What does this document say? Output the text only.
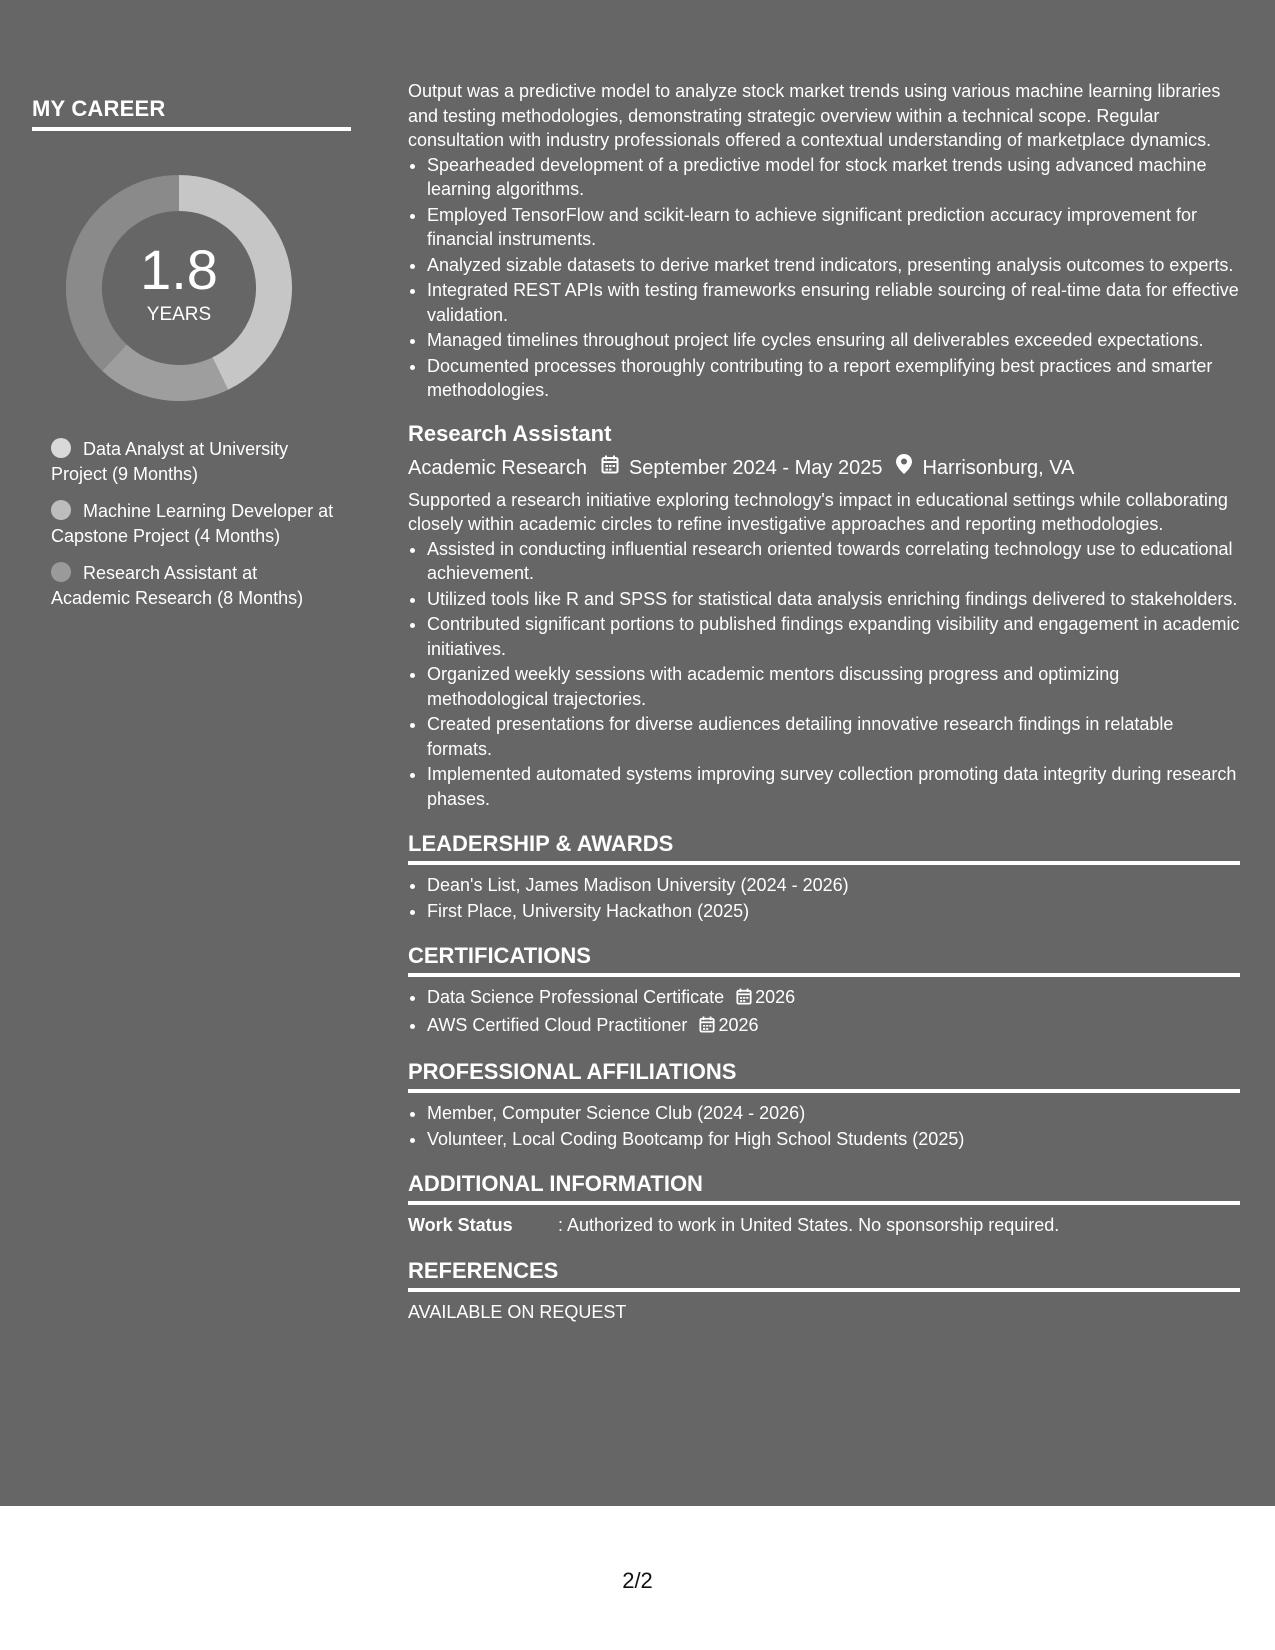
MY CAREER
1.8
YEARS
Data Analyst at University Project (9 Months)
Machine Learning Developer at Capstone Project (4 Months)
Research Assistant at Academic Research (8 Months)

Output was a predictive model to analyze stock market trends using various machine learning libraries and testing methodologies, demonstrating strategic overview within a technical scope. Regular consultation with industry professionals offered a contextual understanding of marketplace dynamics.

• Spearheaded development of a predictive model for stock market trends using advanced machine learning algorithms.
• Employed TensorFlow and scikit-learn to achieve significant prediction accuracy improvement for financial instruments.
• Analyzed sizable datasets to derive market trend indicators, presenting analysis outcomes to experts.
• Integrated REST APIs with testing frameworks ensuring reliable sourcing of real-time data for effective validation.
• Managed timelines throughout project life cycles ensuring all deliverables exceeded expectations.
• Documented processes thoroughly contributing to a report exemplifying best practices and smarter methodologies.
Research Assistant
Academic Research September 2024 - May 2025 Harrisonburg, VA

Supported a research initiative exploring technology's impact in educational settings while collaborating closely within academic circles to refine investigative approaches and reporting methodologies.

• Assisted in conducting influential research oriented towards correlating technology use to educational achievement.
• Utilized tools like R and SPSS for statistical data analysis enriching findings delivered to stakeholders.
• Contributed significant portions to published findings expanding visibility and engagement in academic initiatives.
• Organized weekly sessions with academic mentors discussing progress and optimizing methodological trajectories.
• Created presentations for diverse audiences detailing innovative research findings in relatable formats.
• Implemented automated systems improving survey collection promoting data integrity during research phases.
LEADERSHIP & AWARDS
• Dean's List, James Madison University (2024 - 2026)
• First Place, University Hackathon (2025)
CERTIFICATIONS
• Data Science Professional Certificate 2026
• AWS Certified Cloud Practitioner 2026
PROFESSIONAL AFFILIATIONS
• Member, Computer Science Club (2024 - 2026)
• Volunteer, Local Coding Bootcamp for High School Students (2025)
ADDITIONAL INFORMATION
Work Status	: Authorized to work in United States. No sponsorship required.
REFERENCES
AVAILABLE ON REQUEST
2/2
